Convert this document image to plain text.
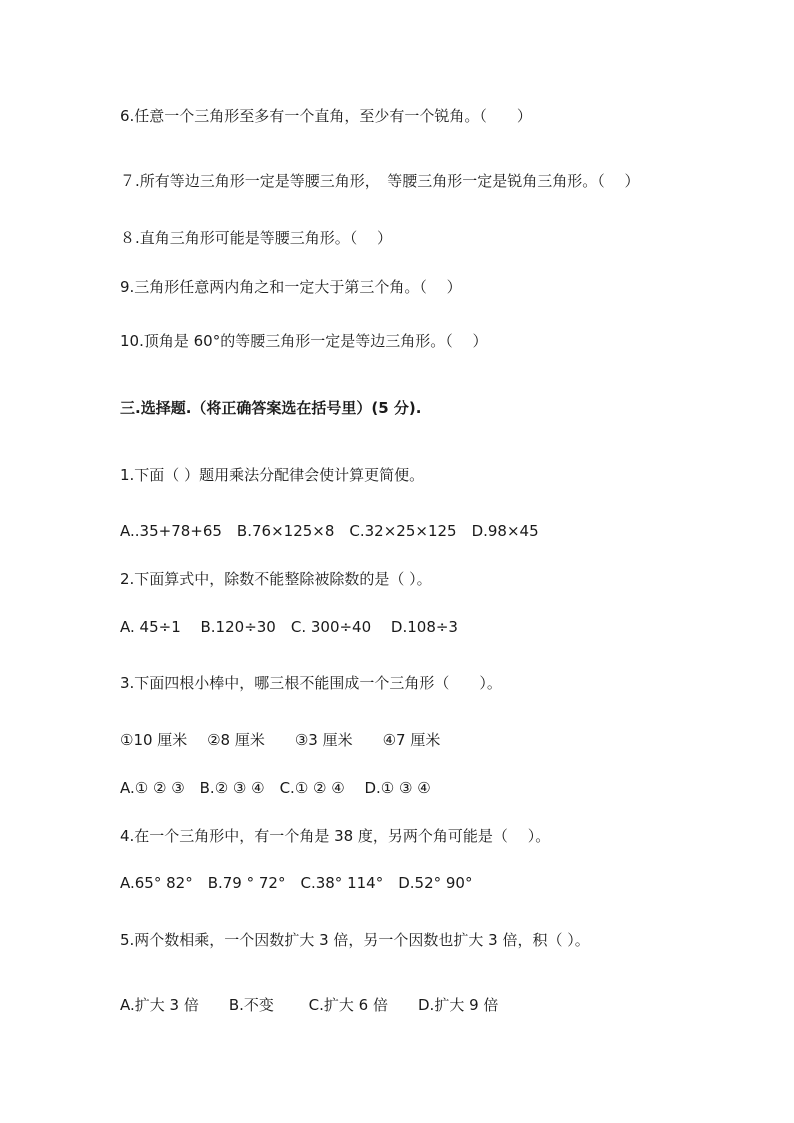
6.任意一个三角形至多有一个直角，至少有一个锐角。（　　）
７.所有等边三角形一定是等腰三角形，　等腰三角形一定是锐角三角形。（　 ）
８.直角三角形可能是等腰三角形。（　 ）
9.三角形任意两内角之和一定大于第三个角。（　 ）
10.顶角是 60°的等腰三角形一定是等边三角形。（　 ）
三.选择题.（将正确答案选在括号里）(5 分).
1.下面（ ）题用乘法分配律会使计算更简便。
A..35+78+65　B.76×125×8　C.32×25×125　D.98×45
2.下面算式中，除数不能整除被除数的是（ ）。
A. 45÷1　 B.120÷30　C. 300÷40　 D.108÷3
3.下面四根小棒中，哪三根不能围成一个三角形（　　）。
①10 厘米　 ②8 厘米　　③3 厘米　　④7 厘米
A.① ② ③　B.② ③ ④　C.① ② ④　 D.① ③ ④
4.在一个三角形中，有一个角是 38 度，另两个角可能是（　 ）。
A.65° 82°　B.79 ° 72°　C.38° 114°　D.52° 90°
5.两个数相乘，一个因数扩大 3 倍，另一个因数也扩大 3 倍，积（ ）。
A.扩大 3 倍　　B.不变　　 C.扩大 6 倍　　D.扩大 9 倍
